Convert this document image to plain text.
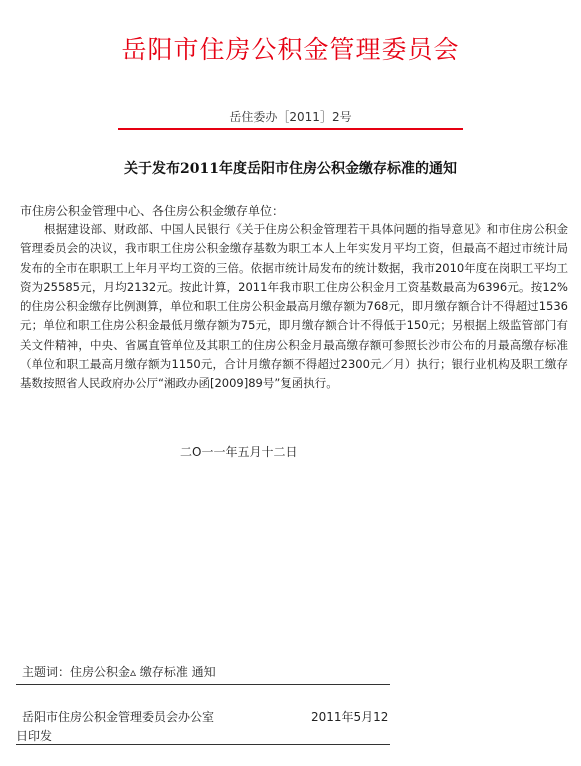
岳阳市住房公积金管理委员会
岳住委办［2011］2号
关于发布2011年度岳阳市住房公积金缴存标准的通知
市住房公积金管理中心、各住房公积金缴存单位：
根据建设部、财政部、中国人民银行《关于住房公积金管理若干具体问题的指导意见》和市住房公积金管理委员会的决议，我市职工住房公积金缴存基数为职工本人上年实发月平均工资，但最高不超过市统计局发布的全市在职职工上年月平均工资的三倍。依据市统计局发布的统计数据，我市2010年度在岗职工平均工资为25585元，月均2132元。按此计算，2011年我市职工住房公积金月工资基数最高为6396元。按12%的住房公积金缴存比例测算，单位和职工住房公积金最高月缴存额为768元，即月缴存额合计不得超过1536元；单位和职工住房公积金最低月缴存额为75元，即月缴存额合计不得低于150元；另根据上级监管部门有关文件精神，中央、省属直管单位及其职工的住房公积金月最高缴存额可参照长沙市公布的月最高缴存标准（单位和职工最高月缴存额为1150元，合计月缴存额不得超过2300元／月）执行；银行业机构及职工缴存基数按照省人民政府办公厅“湘政办函[2009]89号”复函执行。
二O一一年五月十二日
主题词：住房公积金▵ 缴存标准 通知
岳阳市住房公积金管理委员会办公室	2011年5月12
日印发
